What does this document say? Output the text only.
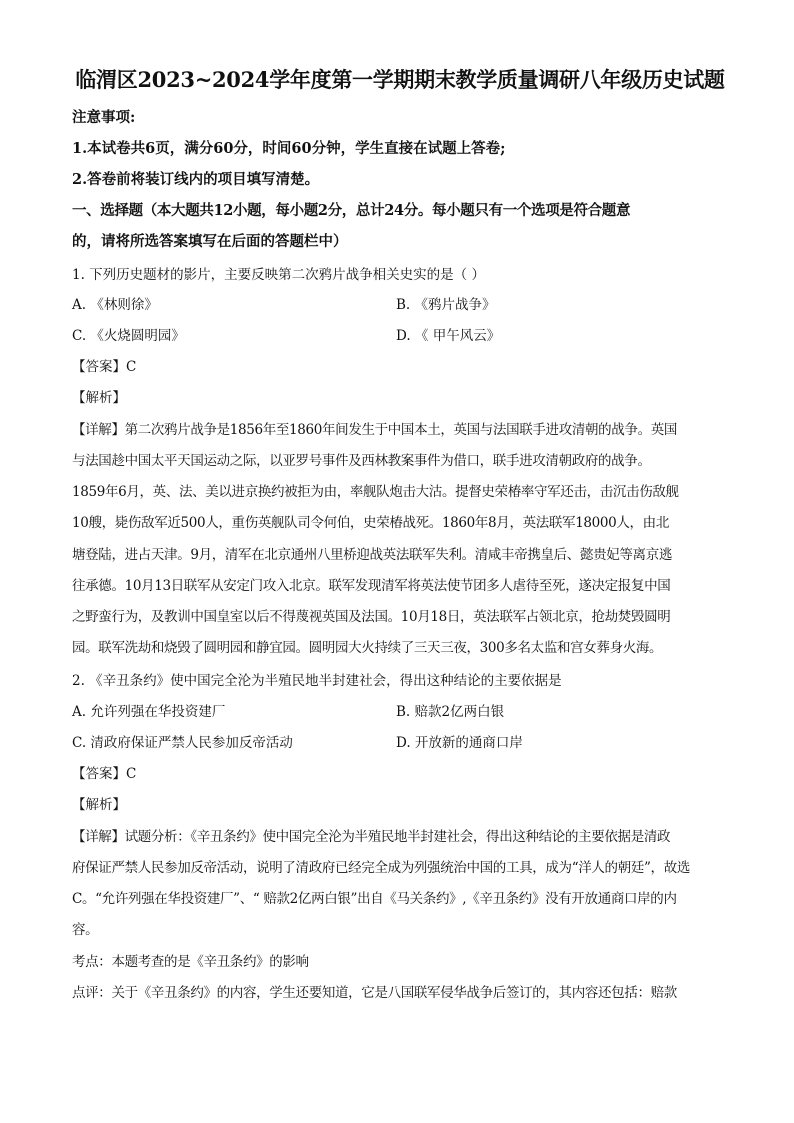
临渭区2023~2024学年度第一学期期末教学质量调研八年级历史试题
注意事项:
1.本试卷共6页，满分60分，时间60分钟，学生直接在试题上答卷;
2.答卷前将装订线内的项目填写清楚。
一、选择题（本大题共12小题，每小题2分，总计24分。每小题只有一个选项是符合题意
的，请将所选答案填写在后面的答题栏中）
1. 下列历史题材的影片，主要反映第二次鸦片战争相关史实的是（ ）
A. 《林则徐》	B. 《鸦片战争》
C. 《火烧圆明园》	D. 《 甲午风云》
【答案】C
【解析】
【详解】第二次鸦片战争是1856年至1860年间发生于中国本土，英国与法国联手进攻清朝的战争。英国
与法国趁中国太平天国运动之际，以亚罗号事件及西林教案事件为借口，联手进攻清朝政府的战争。
1859年6月，英、法、美以进京换约被拒为由，率舰队炮击大沽。提督史荣椿率守军还击，击沉击伤敌舰
10艘，毙伤敌军近500人，重伤英舰队司令何伯，史荣椿战死。1860年8月，英法联军18000人，由北
塘登陆，进占天津。9月，清军在北京通州八里桥迎战英法联军失利。清咸丰帝携皇后、懿贵妃等离京逃
往承德。10月13日联军从安定门攻入北京。联军发现清军将英法使节团多人虐待至死，遂决定报复中国
之野蛮行为，及教训中国皇室以后不得蔑视英国及法国。10月18日，英法联军占领北京，抢劫焚毁圆明
园。联军洗劫和烧毁了圆明园和静宜园。圆明园大火持续了三天三夜，300多名太监和宫女葬身火海。
2. 《辛丑条约》使中国完全沦为半殖民地半封建社会，得出这种结论的主要依据是
A. 允许列强在华投资建厂	B. 赔款2亿两白银
C. 清政府保证严禁人民参加反帝活动	D. 开放新的通商口岸
【答案】C
【解析】
【详解】试题分析：《辛丑条约》使中国完全沦为半殖民地半封建社会，得出这种结论的主要依据是清政
府保证严禁人民参加反帝活动，说明了清政府已经完全成为列强统治中国的工具，成为“洋人的朝廷”，故选
C。“允许列强在华投资建厂”、“ 赔款2亿两白银”出自《马关条约》,《辛丑条约》没有开放通商口岸的内
容。
考点：本题考查的是《辛丑条约》的影响
点评：关于《辛丑条约》的内容，学生还要知道，它是八国联军侵华战争后签订的，其内容还包括：赔款
